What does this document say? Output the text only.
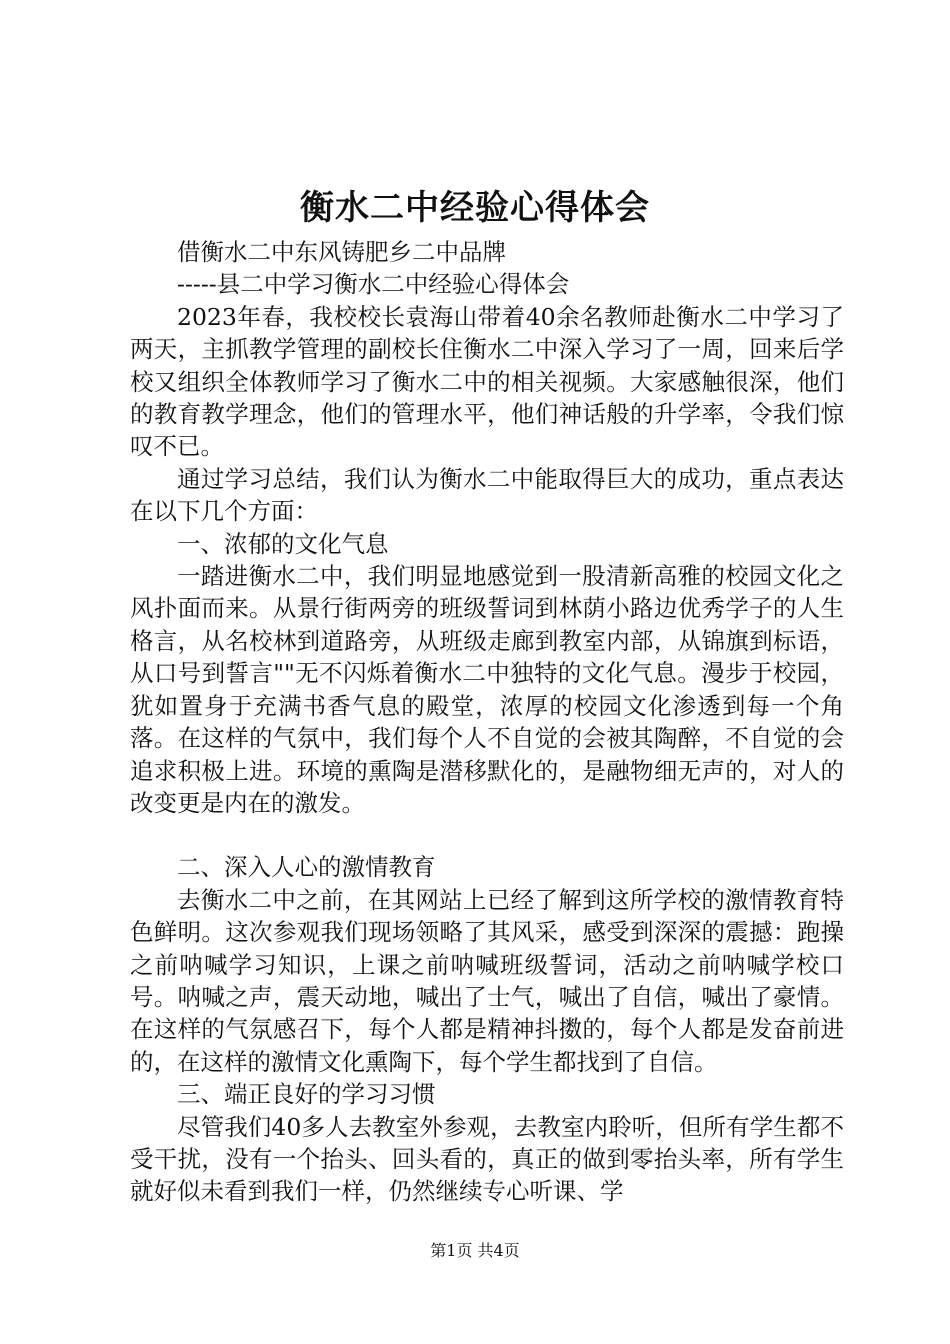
衡水二中经验心得体会

借衡水二中东风铸肥乡二中品牌

-----县二中学习衡水二中经验心得体会

2023年春，我校校长袁海山带着40余名教师赴衡水二中学习了两天，主抓教学管理的副校长住衡水二中深入学习了一周，回来后学校又组织全体教师学习了衡水二中的相关视频。大家感触很深，他们的教育教学理念，他们的管理水平，他们神话般的升学率，令我们惊叹不已。

通过学习总结，我们认为衡水二中能取得巨大的成功，重点表达在以下几个方面：

一、浓郁的文化气息

一踏进衡水二中，我们明显地感觉到一股清新高雅的校园文化之风扑面而来。从景行街两旁的班级誓词到林荫小路边优秀学子的人生格言，从名校林到道路旁，从班级走廊到教室内部，从锦旗到标语，从口号到誓言""无不闪烁着衡水二中独特的文化气息。漫步于校园，犹如置身于充满书香气息的殿堂，浓厚的校园文化渗透到每一个角落。在这样的气氛中，我们每个人不自觉的会被其陶醉，不自觉的会追求积极上进。环境的熏陶是潜移默化的，是融物细无声的，对人的改变更是内在的激发。

二、深入人心的激情教育

去衡水二中之前，在其网站上已经了解到这所学校的激情教育特色鲜明。这次参观我们现场领略了其风采，感受到深深的震撼：跑操之前呐喊学习知识，上课之前呐喊班级誓词，活动之前呐喊学校口号。呐喊之声，震天动地，喊出了士气，喊出了自信，喊出了豪情。在这样的气氛感召下，每个人都是精神抖擞的，每个人都是发奋前进的，在这样的激情文化熏陶下，每个学生都找到了自信。

三、端正良好的学习习惯

尽管我们40多人去教室外参观，去教室内聆听，但所有学生都不受干扰，没有一个抬头、回头看的，真正的做到零抬头率，所有学生就好似未看到我们一样，仍然继续专心听课、学

第1页 共4页
